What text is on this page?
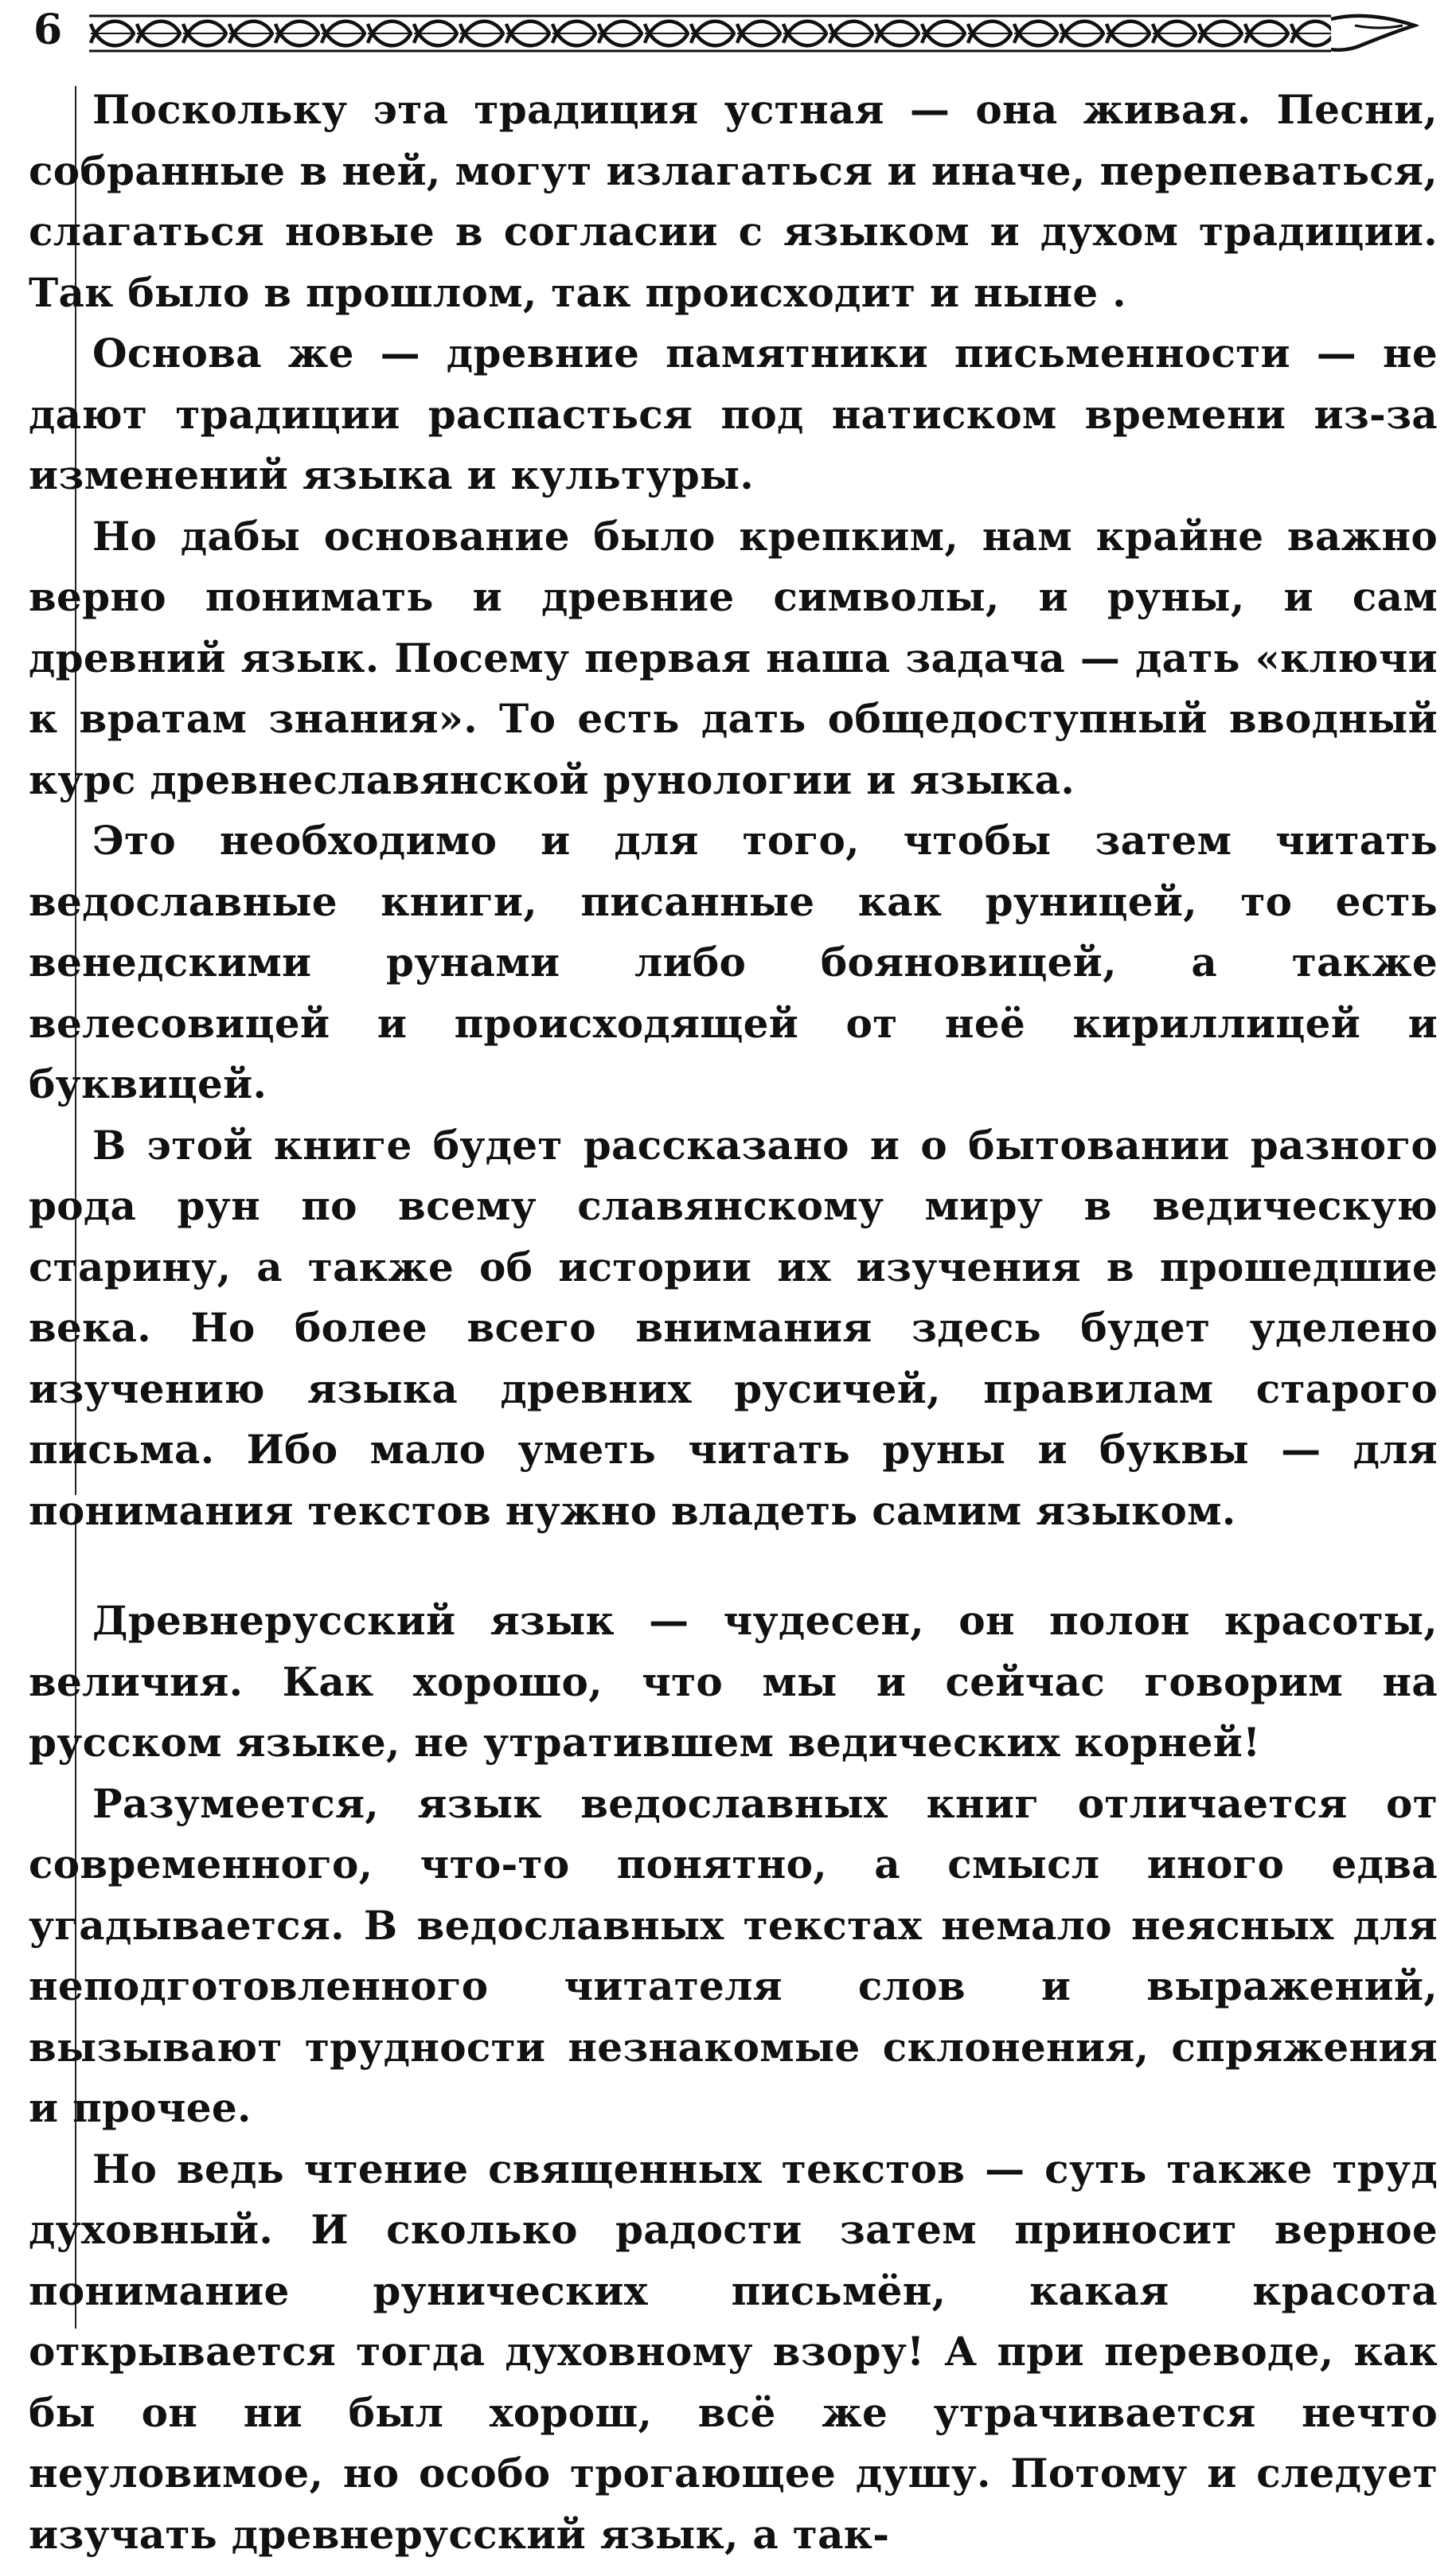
6

Поскольку эта традиция устная — она живая. Песни, собранные в ней, могут излагаться и иначе, перепеваться, слагаться новые в согласии с языком и духом традиции. Так было в прошлом, так происходит и ныне .

Основа же — древние памятники письменности — не дают традиции распасться под натиском времени из-за изменений языка и культуры.

Но дабы основание было крепким, нам крайне важно верно понимать и древние символы, и руны, и сам древний язык. Посему первая наша задача — дать «ключи к вратам знания». То есть дать общедоступный вводный курс древнеславянской рунологии и языка.

Это необходимо и для того, чтобы затем читать ведославные книги, писанные как руницей, то есть венедскими рунами либо бояновицей, а также велесовицей и происходящей от неё кириллицей и буквицей.

В этой книге будет рассказано и о бытовании разного рода рун по всему славянскому миру в ведическую старину, а также об истории их изучения в прошедшие века. Но более всего внимания здесь будет уделено изучению языка древних русичей, правилам старого письма. Ибо мало уметь читать руны и буквы — для понимания текстов нужно владеть самим языком.

Древнерусский язык — чудесен, он полон красоты, величия. Как хорошо, что мы и сейчас говорим на русском языке, не утратившем ведических корней!

Разумеется, язык ведославных книг отличается от современного, что-то понятно, а смысл иного едва угадывается. В ведославных текстах немало неясных для неподготовленного читателя слов и выражений, вызывают трудности незнакомые склонения, спряжения и прочее.

Но ведь чтение священных текстов — суть также труд духовный. И сколько радости затем приносит верное понимание рунических письмён, какая красота открывается тогда духовному взору! А при переводе, как бы он ни был хорош, всё же утрачивается нечто неуловимое, но особо трогающее душу. Потому и следует изучать древнерусский язык, а так-
